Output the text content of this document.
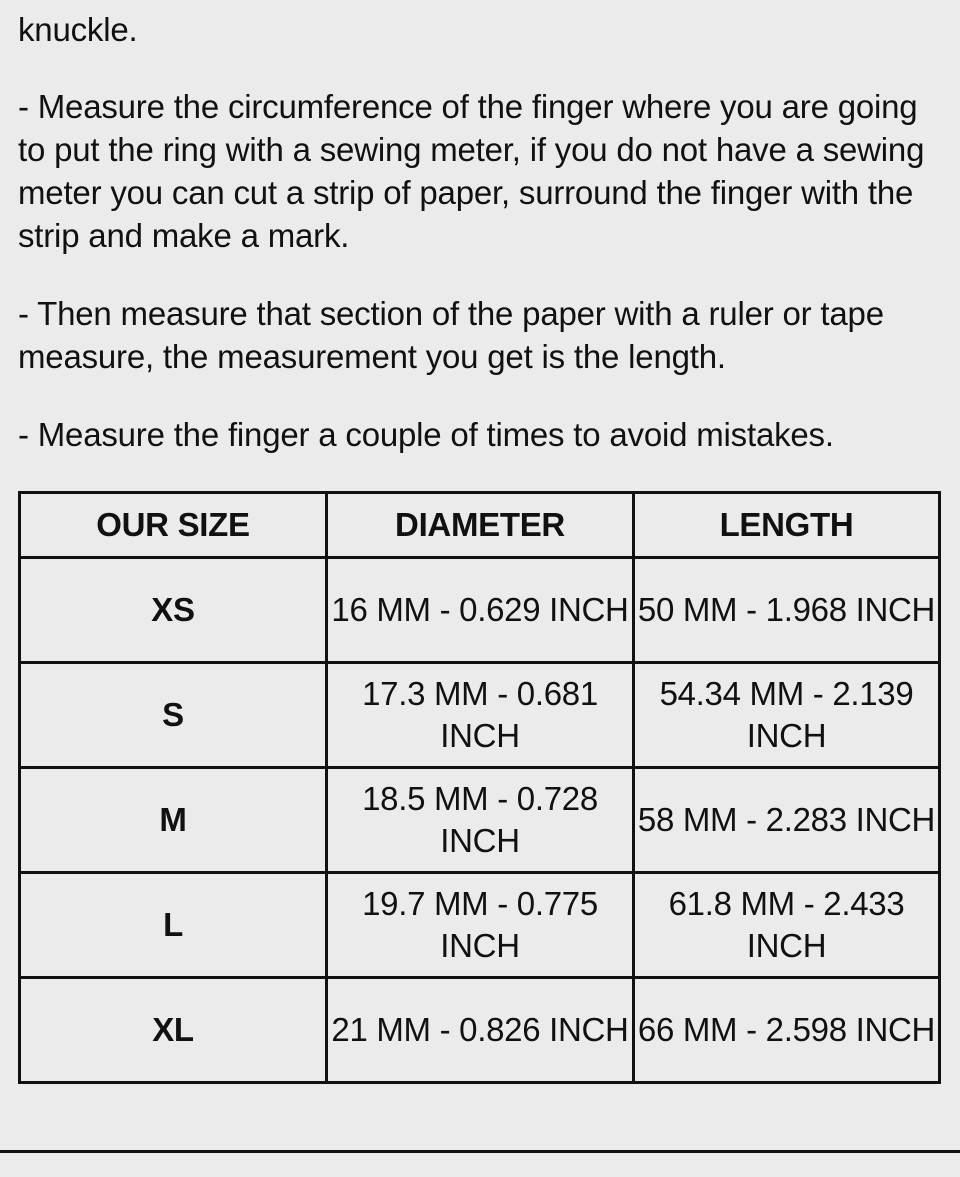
knuckle.
- Measure the circumference of the finger where you are going to put the ring with a sewing meter, if you do not have a sewing meter you can cut a strip of paper, surround the finger with the strip and make a mark.
- Then measure that section of the paper with a ruler or tape measure, the measurement you get is the length.
- Measure the finger a couple of times to avoid mistakes.
OUR SIZE	DIAMETER	LENGTH
XS	16 MM - 0.629 INCH	50 MM - 1.968 INCH
S	17.3 MM - 0.681 INCH	54.34 MM - 2.139 INCH
M	18.5 MM - 0.728 INCH	58 MM - 2.283 INCH
L	19.7 MM - 0.775 INCH	61.8 MM - 2.433 INCH
XL	21 MM - 0.826 INCH	66 MM - 2.598 INCH
